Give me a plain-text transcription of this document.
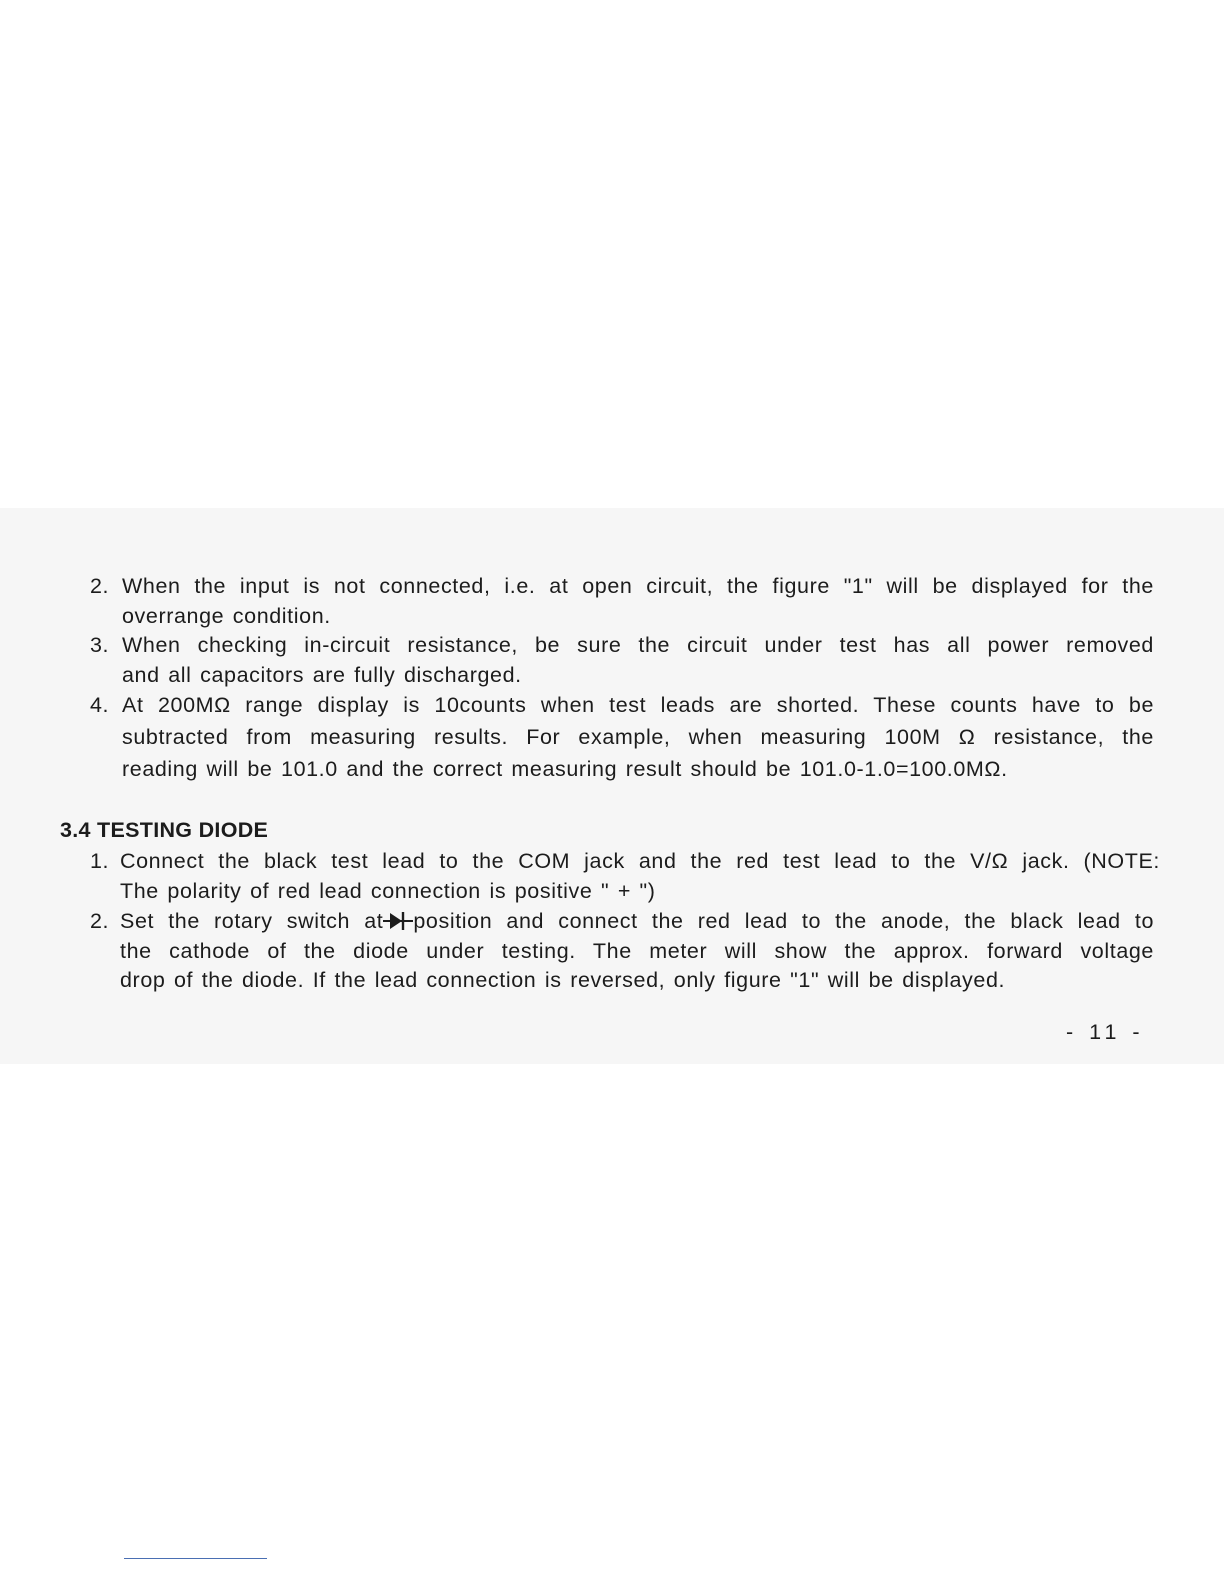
2. When the input is not connected, i.e. at open circuit, the figure "1" will be displayed for the
overrange condition.
3. When checking in-circuit resistance, be sure the circuit under test has all power removed
and all capacitors are fully discharged.
4. At 200MΩ range display is 10counts when test leads are shorted. These counts have to be
subtracted from measuring results. For example, when measuring 100M Ω resistance, the
reading will be 101.0 and the correct measuring result should be 101.0-1.0=100.0MΩ.
3.4 TESTING DIODE
1. Connect the black test lead to the COM jack and the red test lead to the V/Ω jack. (NOTE:
The polarity of red lead connection is positive " + ")
2. Set the rotary switch at position and connect the red lead to the anode, the black lead to
the cathode of the diode under testing. The meter will show the approx. forward voltage
drop of the diode. If the lead connection is reversed, only figure "1" will be displayed.
- 11 -
